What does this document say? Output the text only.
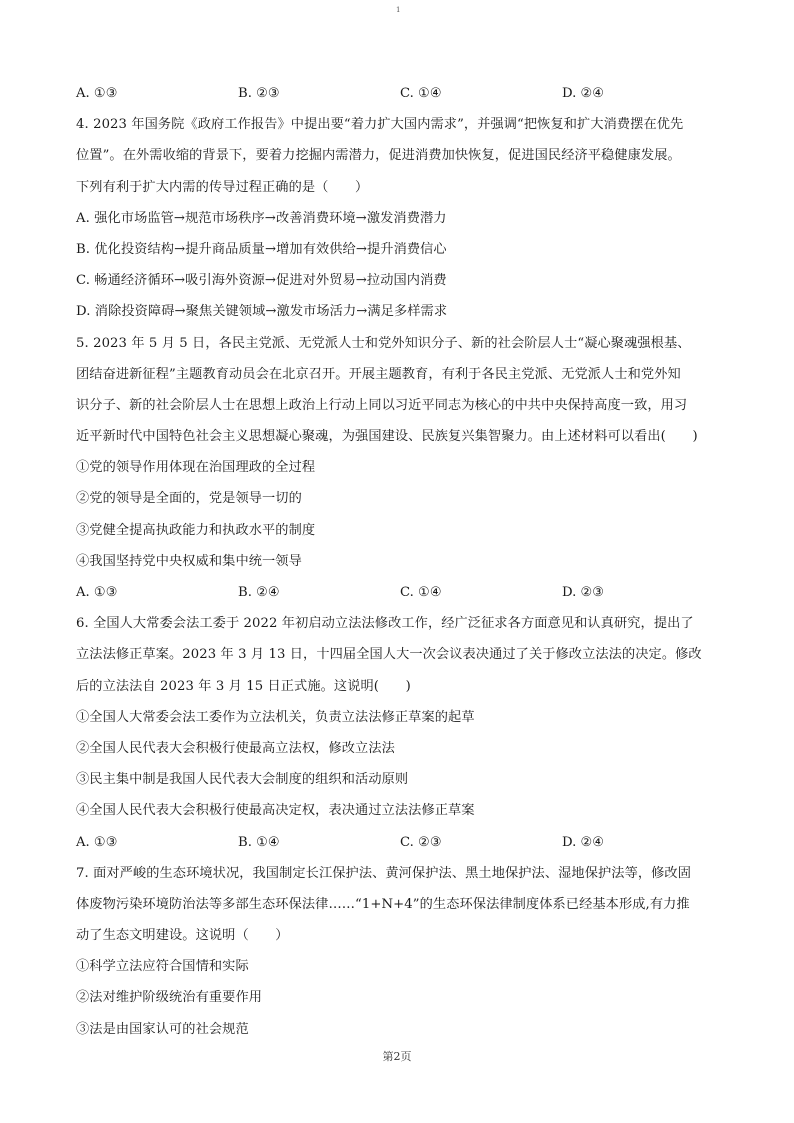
1
A. ①③	B. ②③	C. ①④	D. ②④
4. 2023 年国务院《政府工作报告》中提出要“着力扩大国内需求”，并强调“把恢复和扩大消费摆在优先
位置”。在外需收缩的背景下，要着力挖掘内需潜力，促进消费加快恢复，促进国民经济平稳健康发展。
下列有利于扩大内需的传导过程正确的是（　　）
A. 强化市场监管→规范市场秩序→改善消费环境→激发消费潜力
B. 优化投资结构→提升商品质量→增加有效供给→提升消费信心
C. 畅通经济循环→吸引海外资源→促进对外贸易→拉动国内消费
D. 消除投资障碍→聚焦关键领域→激发市场活力→满足多样需求
5. 2023 年 5 月 5 日，各民主党派、无党派人士和党外知识分子、新的社会阶层人士“凝心聚魂强根基、
团结奋进新征程”主题教育动员会在北京召开。开展主题教育，有利于各民主党派、无党派人士和党外知
识分子、新的社会阶层人士在思想上政治上行动上同以习近平同志为核心的中共中央保持高度一致，用习
近平新时代中国特色社会主义思想凝心聚魂，为强国建设、民族复兴集智聚力。由上述材料可以看出(　　)
①党的领导作用体现在治国理政的全过程
②党的领导是全面的，党是领导一切的
③党健全提高执政能力和执政水平的制度
④我国坚持党中央权威和集中统一领导
A. ①③	B. ②④	C. ①④	D. ②③
6. 全国人大常委会法工委于 2022 年初启动立法法修改工作，经广泛征求各方面意见和认真研究，提出了
立法法修正草案。2023 年 3 月 13 日，十四届全国人大一次会议表决通过了关于修改立法法的决定。修改
后的立法法自 2023 年 3 月 15 日正式施。这说明(　　)
①全国人大常委会法工委作为立法机关，负责立法法修正草案的起草
②全国人民代表大会积极行使最高立法权，修改立法法
③民主集中制是我国人民代表大会制度的组织和活动原则
④全国人民代表大会积极行使最高决定权，表决通过立法法修正草案
A. ①③	B. ①④	C. ②③	D. ②④
7. 面对严峻的生态环境状况，我国制定长江保护法、黄河保护法、黑土地保护法、湿地保护法等，修改固
体废物污染环境防治法等多部生态环保法律……“1+N+4”的生态环保法律制度体系已经基本形成,有力推
动了生态文明建设。这说明（　　）
①科学立法应符合国情和实际
②法对维护阶级统治有重要作用
③法是由国家认可的社会规范
第2页
